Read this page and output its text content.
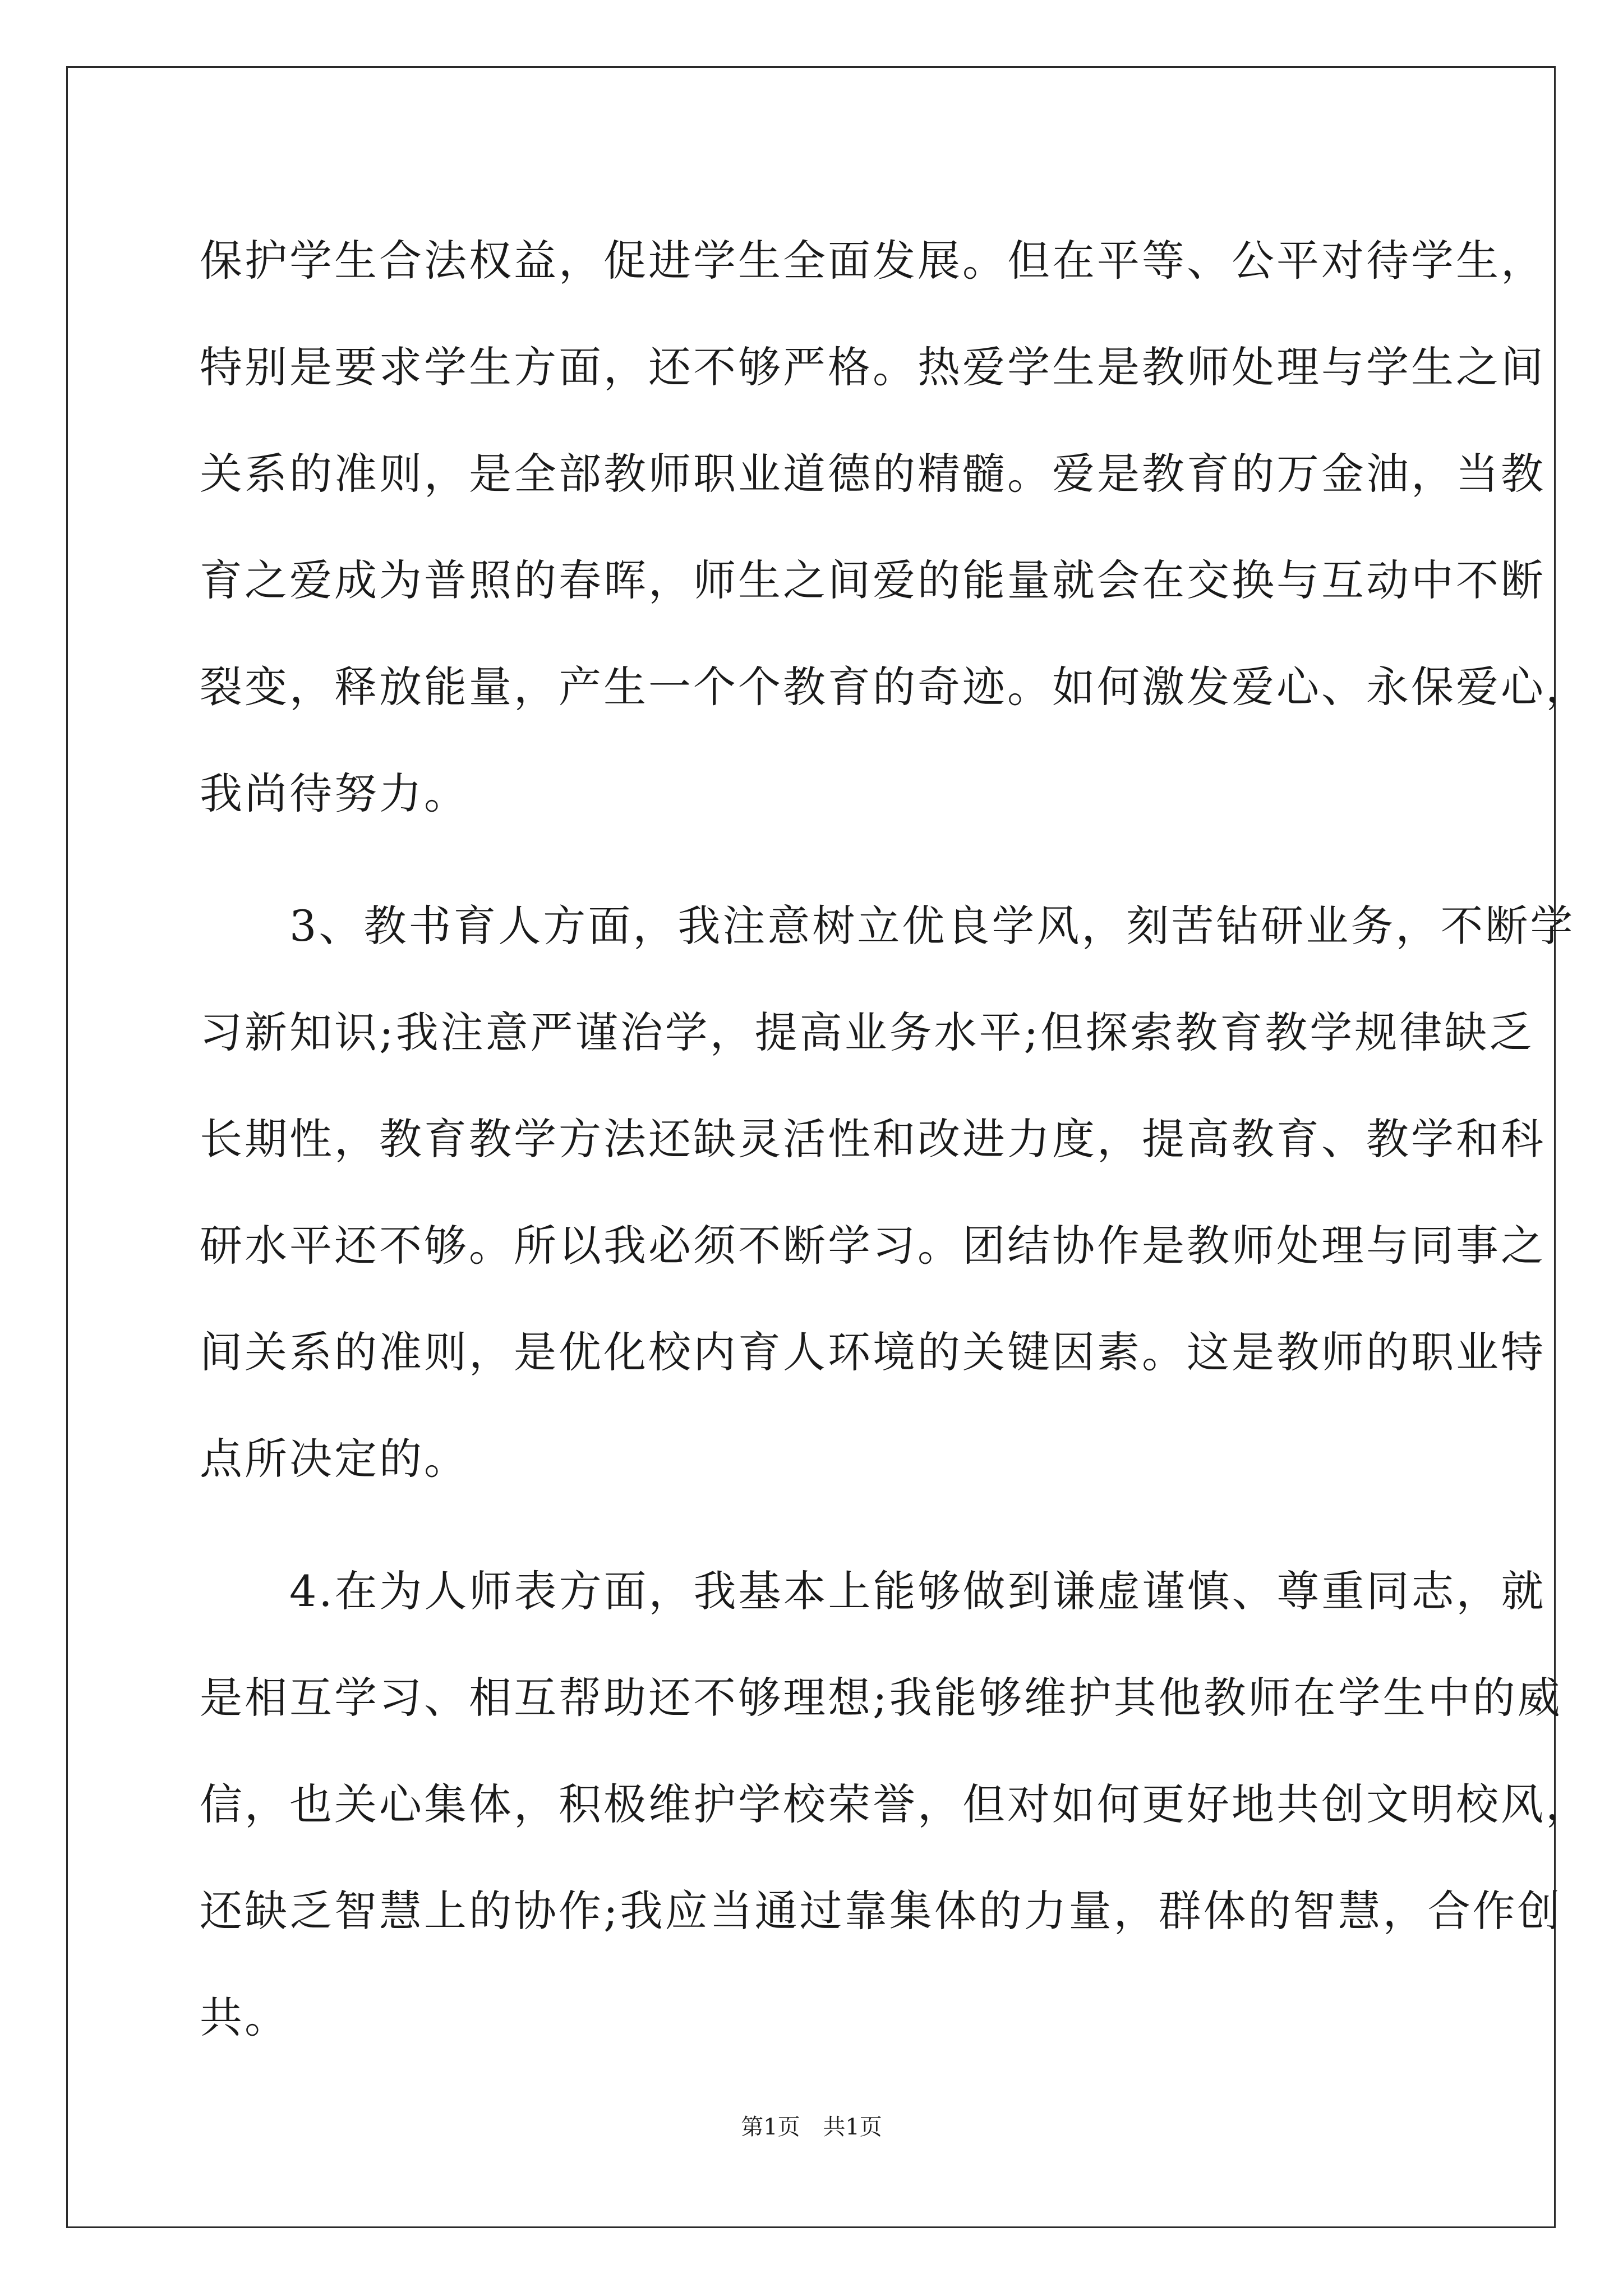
保护学生合法权益，促进学生全面发展。但在平等、公平对待学生，
特别是要求学生方面，还不够严格。热爱学生是教师处理与学生之间
关系的准则，是全部教师职业道德的精髓。爱是教育的万金油，当教
育之爱成为普照的春晖，师生之间爱的能量就会在交换与互动中不断
裂变，释放能量，产生一个个教育的奇迹。如何激发爱心、永保爱心，
我尚待努力。
　　3、教书育人方面，我注意树立优良学风，刻苦钻研业务，不断学
习新知识;我注意严谨治学，提高业务水平;但探索教育教学规律缺乏
长期性，教育教学方法还缺灵活性和改进力度，提高教育、教学和科
研水平还不够。所以我必须不断学习。团结协作是教师处理与同事之
间关系的准则，是优化校内育人环境的关键因素。这是教师的职业特
点所决定的。
　　4.在为人师表方面，我基本上能够做到谦虚谨慎、尊重同志，就
是相互学习、相互帮助还不够理想;我能够维护其他教师在学生中的威
信，也关心集体，积极维护学校荣誉，但对如何更好地共创文明校风，
还缺乏智慧上的协作;我应当通过靠集体的力量，群体的智慧，合作创
共。
第1页 共1页
